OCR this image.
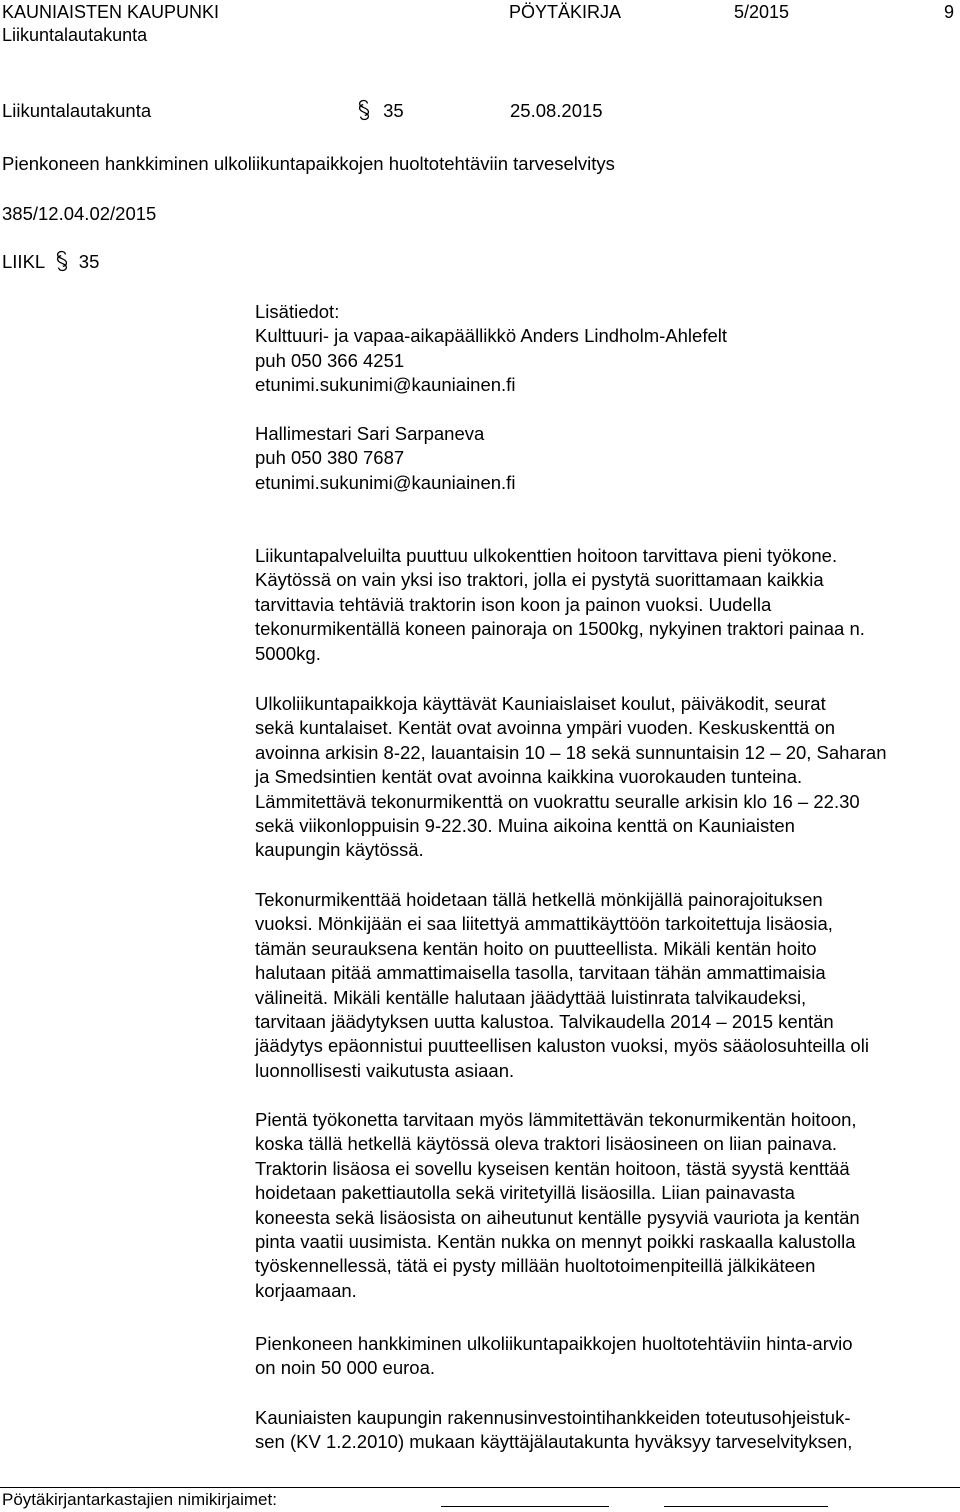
KAUNIAISTEN KAUPUNKI
Liikuntalautakunta
PÖYTÄKIRJA	5/2015	9
Liikuntalautakunta	35	25.08.2015
Pienkoneen hankkiminen ulkoliikuntapaikkojen huoltotehtäviin tarveselvitys
385/12.04.02/2015
LIIKL 35
Lisätiedot:
Kulttuuri- ja vapaa-aikapäällikkö Anders Lindholm-Ahlefelt
puh 050 366 4251
etunimi.sukunimi@kauniainen.fi
Hallimestari Sari Sarpaneva
puh 050 380 7687
etunimi.sukunimi@kauniainen.fi
Liikuntapalveluilta puuttuu ulkokenttien hoitoon tarvittava pieni työkone.
Käytössä on vain yksi iso traktori, jolla ei pystytä suorittamaan kaikkia
tarvittavia tehtäviä traktorin ison koon ja painon vuoksi. Uudella
tekonurmikentällä koneen painoraja on 1500kg, nykyinen traktori painaa n.
5000kg.
Ulkoliikuntapaikkoja käyttävät Kauniaislaiset koulut, päiväkodit, seurat
sekä kuntalaiset. Kentät ovat avoinna ympäri vuoden. Keskuskenttä on
avoinna arkisin 8-22, lauantaisin 10 – 18 sekä sunnuntaisin 12 – 20, Saharan
ja Smedsintien kentät ovat avoinna kaikkina vuorokauden tunteina.
Lämmitettävä tekonurmikenttä on vuokrattu seuralle arkisin klo 16 – 22.30
sekä viikonloppuisin 9-22.30. Muina aikoina kenttä on Kauniaisten
kaupungin käytössä.
Tekonurmikenttää hoidetaan tällä hetkellä mönkijällä painorajoituksen
vuoksi. Mönkijään ei saa liitettyä ammattikäyttöön tarkoitettuja lisäosia,
tämän seurauksena kentän hoito on puutteellista. Mikäli kentän hoito
halutaan pitää ammattimaisella tasolla, tarvitaan tähän ammattimaisia
välineitä. Mikäli kentälle halutaan jäädyttää luistinrata talvikaudeksi,
tarvitaan jäädytyksen uutta kalustoa. Talvikaudella 2014 – 2015 kentän
jäädytys epäonnistui puutteellisen kaluston vuoksi, myös sääolosuhteilla oli
luonnollisesti vaikutusta asiaan.
Pientä työkonetta tarvitaan myös lämmitettävän tekonurmikentän hoitoon,
koska tällä hetkellä käytössä oleva traktori lisäosineen on liian painava.
Traktorin lisäosa ei sovellu kyseisen kentän hoitoon, tästä syystä kenttää
hoidetaan pakettiautolla sekä viritetyillä lisäosilla. Liian painavasta
koneesta sekä lisäosista on aiheutunut kentälle pysyviä vauriota ja kentän
pinta vaatii uusimista. Kentän nukka on mennyt poikki raskaalla kalustolla
työskennellessä, tätä ei pysty millään huoltotoimenpiteillä jälkikäteen
korjaamaan.
Pienkoneen hankkiminen ulkoliikuntapaikkojen huoltotehtäviin hinta-arvio
on noin 50 000 euroa.
Kauniaisten kaupungin rakennusinvestointihankkeiden toteutusohjeistuk-
sen (KV 1.2.2010) mukaan käyttäjälautakunta hyväksyy tarveselvityksen,
Pöytäkirjantarkastajien nimikirjaimet:
